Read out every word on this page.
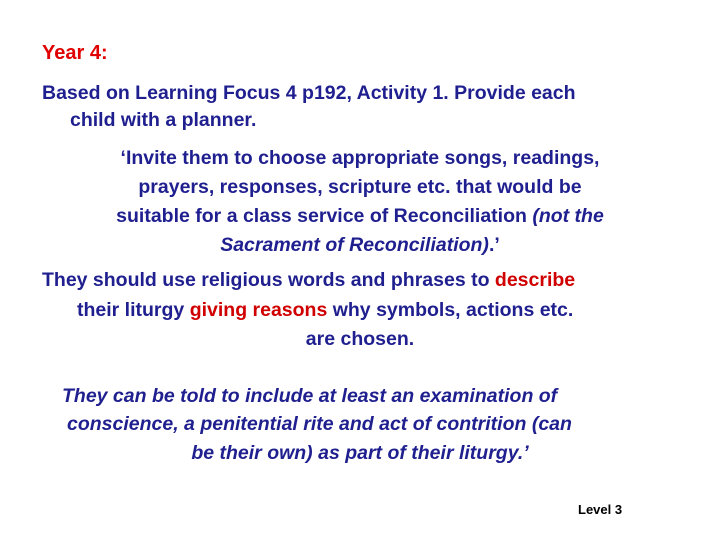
Year 4:
Based on Learning Focus 4 p192, Activity 1. Provide each
child with a planner.
‘Invite them to choose appropriate songs, readings,
prayers, responses, scripture etc. that would be
suitable for a class service of Reconciliation (not the
Sacrament of Reconciliation).’
They should use religious words and phrases to describe
their liturgy giving reasons why symbols, actions etc.
are chosen.
They can be told to include at least an examination of
conscience, a penitential rite and act of contrition (can
be their own) as part of their liturgy.’
Level 3
